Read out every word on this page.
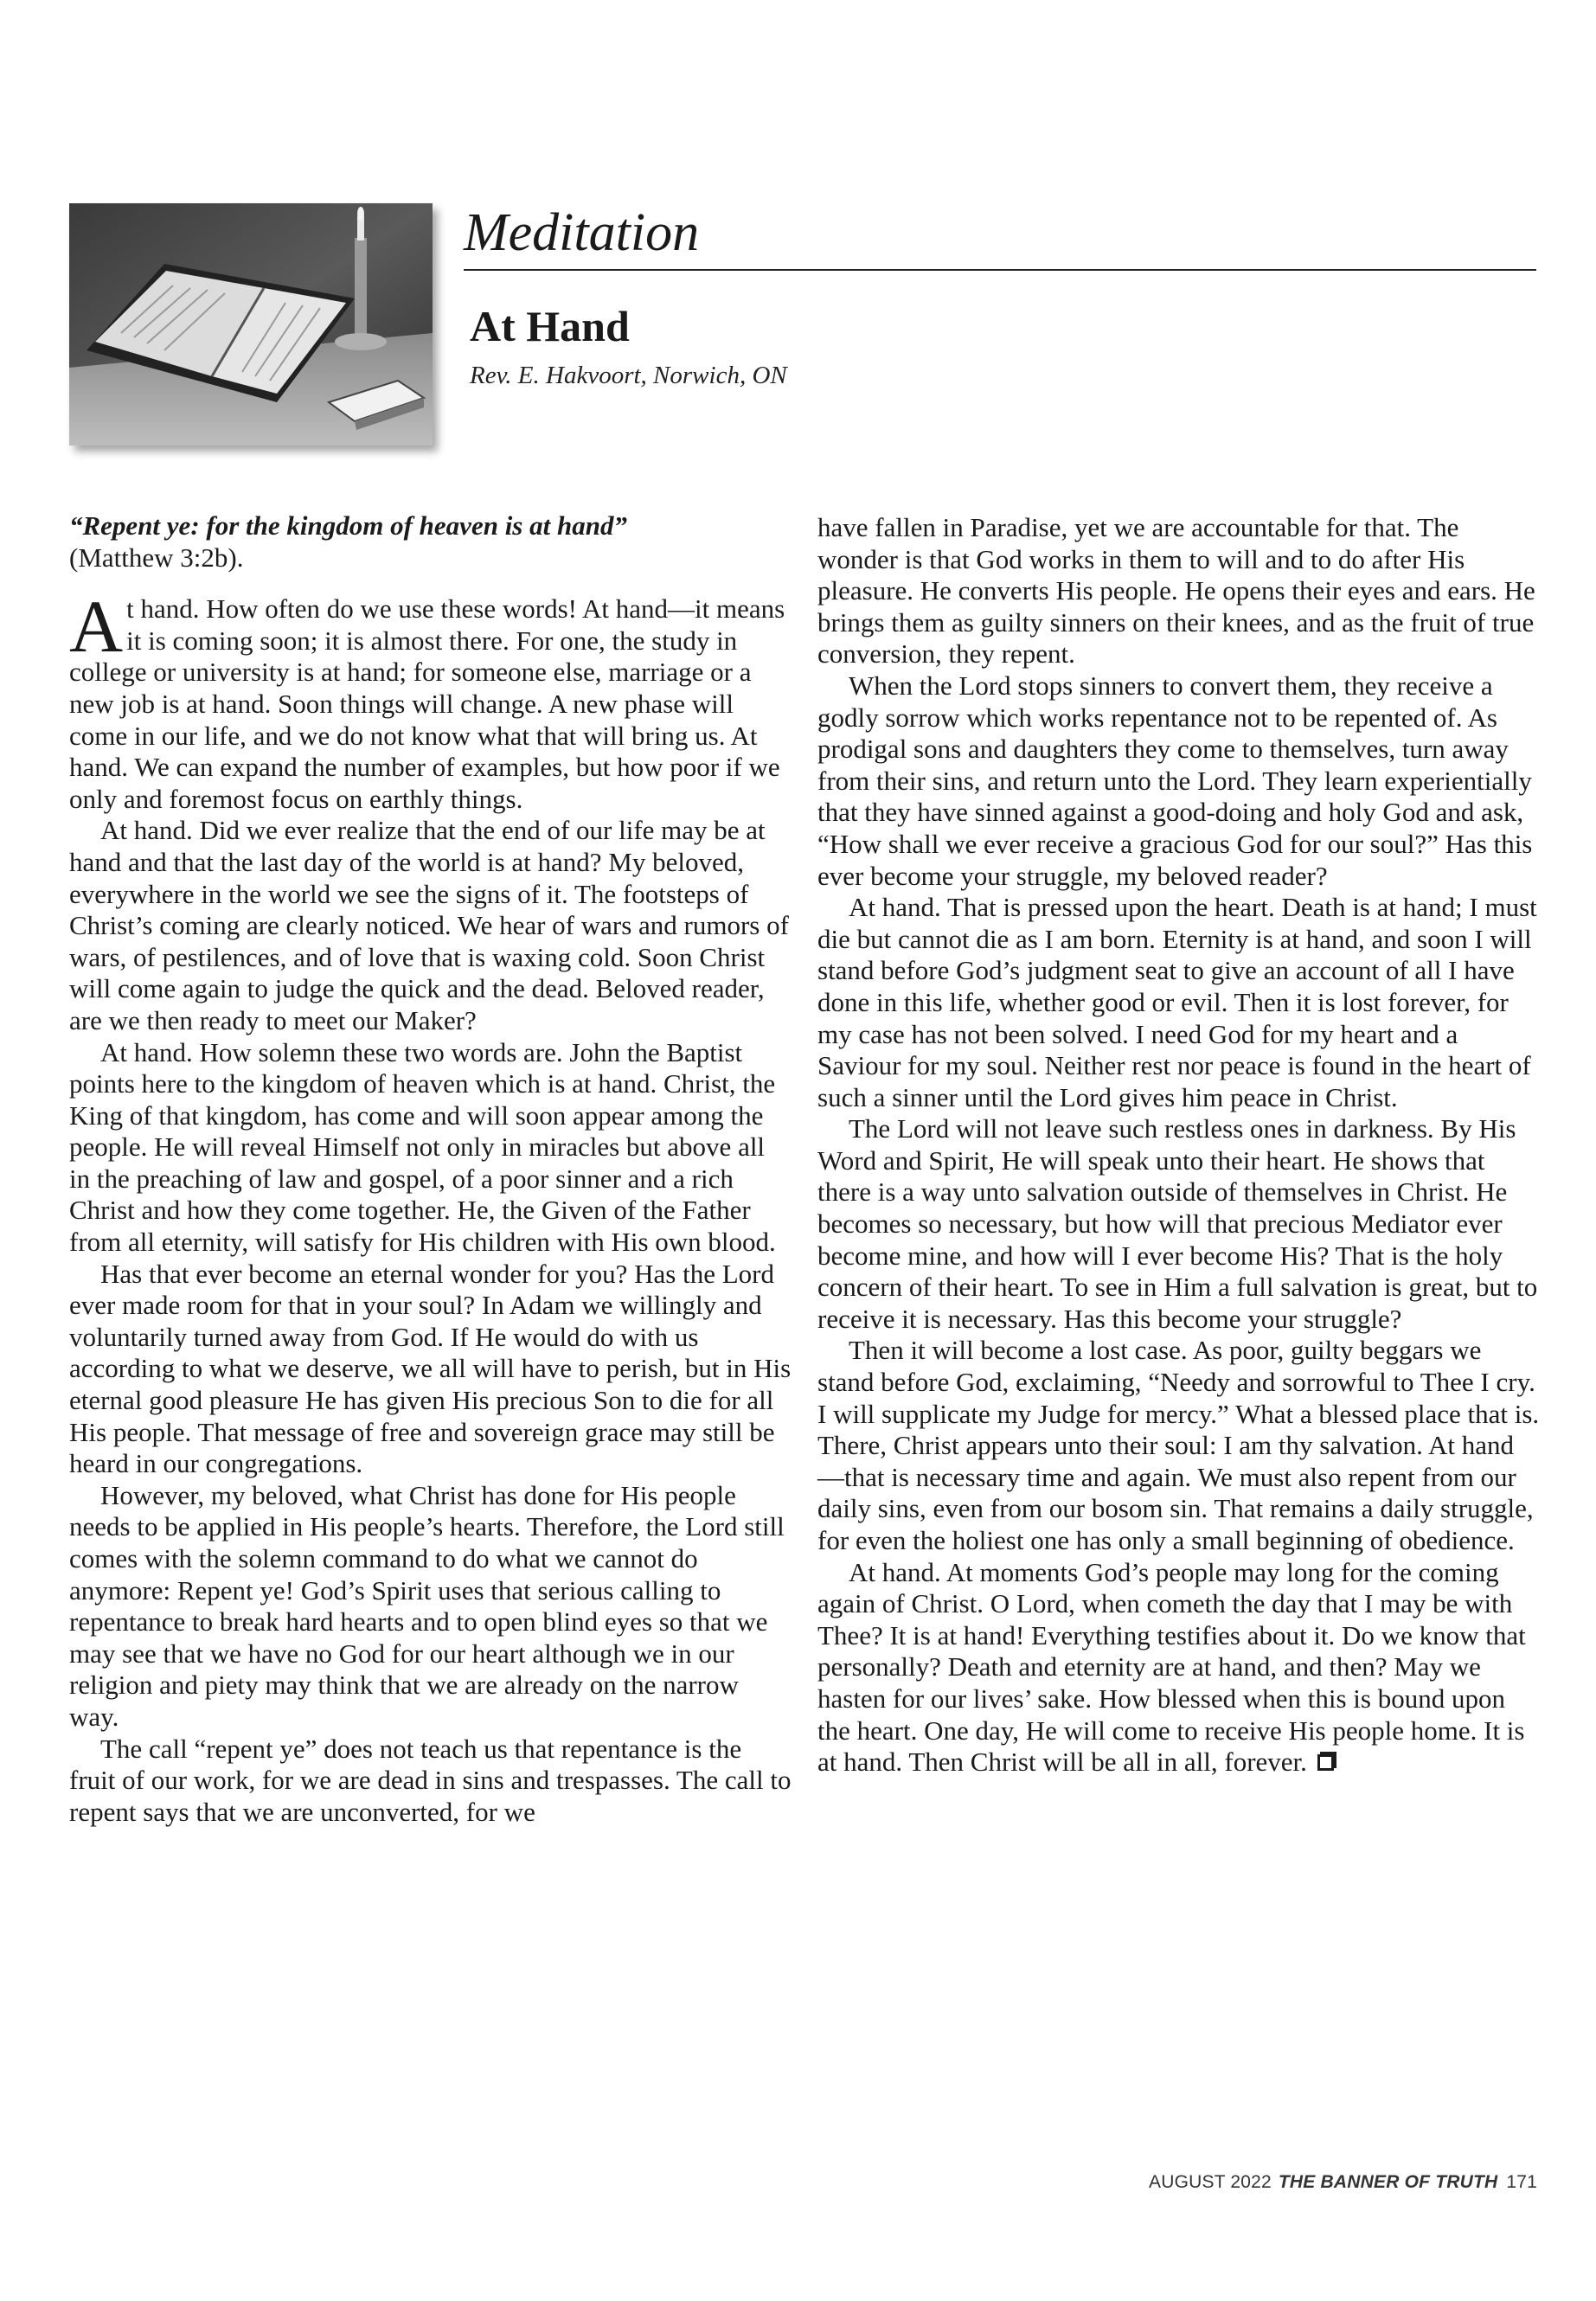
Meditation
At Hand
Rev. E. Hakvoort, Norwich, ON

“Repent ye: for the kingdom of heaven is at hand”

(Matthew 3:2b).

At hand. How often do we use these words! At hand—it means it is coming soon; it is almost there. For one, the study in college or university is at hand; for someone else, marriage or a new job is at hand. Soon things will change. A new phase will come in our life, and we do not know what that will bring us. At hand. We can expand the number of examples, but how poor if we only and foremost focus on earthly things.

At hand. Did we ever realize that the end of our life may be at hand and that the last day of the world is at hand? My beloved, everywhere in the world we see the signs of it. The footsteps of Christ’s coming are clearly noticed. We hear of wars and rumors of wars, of pestilences, and of love that is waxing cold. Soon Christ will come again to judge the quick and the dead. Beloved reader, are we then ready to meet our Maker?

At hand. How solemn these two words are. John the Baptist points here to the kingdom of heaven which is at hand. Christ, the King of that kingdom, has come and will soon appear among the people. He will reveal Himself not only in miracles but above all in the preaching of law and gospel, of a poor sinner and a rich Christ and how they come together. He, the Given of the Father from all eternity, will satisfy for His children with His own blood.

Has that ever become an eternal wonder for you? Has the Lord ever made room for that in your soul? In Adam we willingly and voluntarily turned away from God. If He would do with us according to what we deserve, we all will have to perish, but in His eternal good pleasure He has given His precious Son to die for all His people. That message of free and sovereign grace may still be heard in our congregations.

However, my beloved, what Christ has done for His people needs to be applied in His people’s hearts. Therefore, the Lord still comes with the solemn command to do what we cannot do anymore: Repent ye! God’s Spirit uses that serious calling to repentance to break hard hearts and to open blind eyes so that we may see that we have no God for our heart although we in our religion and piety may think that we are already on the narrow way.

The call “repent ye” does not teach us that repentance is the fruit of our work, for we are dead in sins and trespasses. The call to repent says that we are unconverted, for we

have fallen in Paradise, yet we are accountable for that. The wonder is that God works in them to will and to do after His pleasure. He converts His people. He opens their eyes and ears. He brings them as guilty sinners on their knees, and as the fruit of true conversion, they repent.

When the Lord stops sinners to convert them, they receive a godly sorrow which works repentance not to be repented of. As prodigal sons and daughters they come to themselves, turn away from their sins, and return unto the Lord. They learn experientially that they have sinned against a good-doing and holy God and ask, “How shall we ever receive a gracious God for our soul?” Has this ever become your struggle, my beloved reader?

At hand. That is pressed upon the heart. Death is at hand; I must die but cannot die as I am born. Eternity is at hand, and soon I will stand before God’s judgment seat to give an account of all I have done in this life, whether good or evil. Then it is lost forever, for my case has not been solved. I need God for my heart and a Saviour for my soul. Neither rest nor peace is found in the heart of such a sinner until the Lord gives him peace in Christ.

The Lord will not leave such restless ones in darkness. By His Word and Spirit, He will speak unto their heart. He shows that there is a way unto salvation outside of themselves in Christ. He becomes so necessary, but how will that precious Mediator ever become mine, and how will I ever become His? That is the holy concern of their heart. To see in Him a full salvation is great, but to receive it is necessary. Has this become your struggle?

Then it will become a lost case. As poor, guilty beggars we stand before God, exclaiming, “Needy and sorrowful to Thee I cry. I will supplicate my Judge for mercy.” What a blessed place that is. There, Christ appears unto their soul: I am thy salvation. At hand—that is necessary time and again. We must also repent from our daily sins, even from our bosom sin. That remains a daily struggle, for even the holiest one has only a small beginning of obedience.

At hand. At moments God’s people may long for the coming again of Christ. O Lord, when cometh the day that I may be with Thee? It is at hand! Everything testifies about it. Do we know that personally? Death and eternity are at hand, and then? May we hasten for our lives’ sake. How blessed when this is bound upon the heart. One day, He will come to receive His people home. It is at hand. Then Christ will be all in all, forever.

AUGUST 2022 THE BANNER OF TRUTH 171
